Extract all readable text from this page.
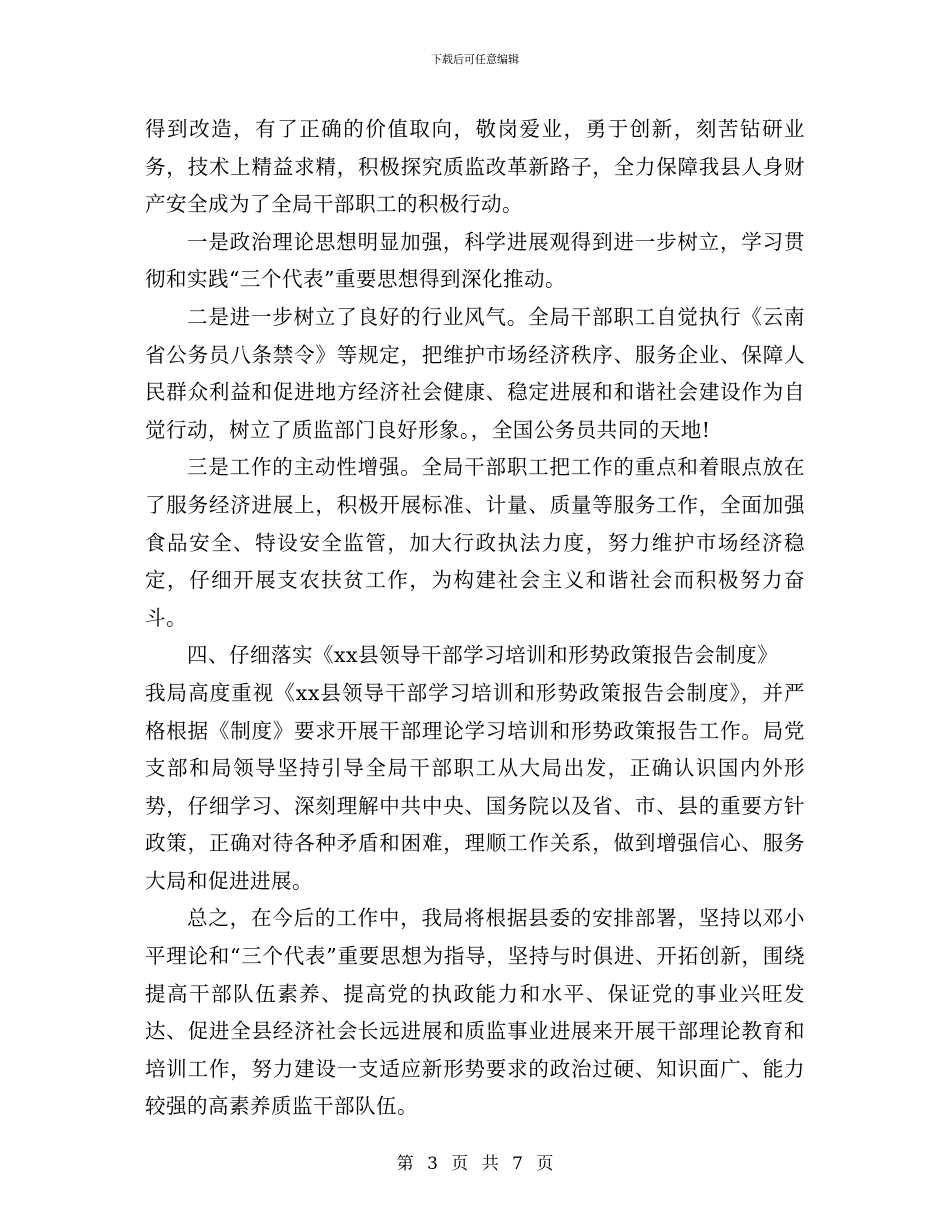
下载后可任意编辑

得到改造，有了正确的价值取向，敬岗爱业，勇于创新，刻苦钻研业务，技术上精益求精，积极探究质监改革新路子，全力保障我县人身财产安全成为了全局干部职工的积极行动。

一是政治理论思想明显加强，科学进展观得到进一步树立，学习贯彻和实践“三个代表”重要思想得到深化推动。

二是进一步树立了良好的行业风气。全局干部职工自觉执行《云南省公务员八条禁令》等规定，把维护市场经济秩序、服务企业、保障人民群众利益和促进地方经济社会健康、稳定进展和和谐社会建设作为自觉行动，树立了质监部门良好形象。，全国公务员共同的天地!

三是工作的主动性增强。全局干部职工把工作的重点和着眼点放在了服务经济进展上，积极开展标准、计量、质量等服务工作，全面加强食品安全、特设安全监管，加大行政执法力度，努力维护市场经济稳定，仔细开展支农扶贫工作，为构建社会主义和谐社会而积极努力奋斗。

四、仔细落实《xx县领导干部学习培训和形势政策报告会制度》

我局高度重视《xx县领导干部学习培训和形势政策报告会制度》，并严格根据《制度》要求开展干部理论学习培训和形势政策报告工作。局党支部和局领导坚持引导全局干部职工从大局出发，正确认识国内外形势，仔细学习、深刻理解中共中央、国务院以及省、市、县的重要方针政策，正确对待各种矛盾和困难，理顺工作关系，做到增强信心、服务大局和促进进展。

总之，在今后的工作中，我局将根据县委的安排部署，坚持以邓小平理论和“三个代表”重要思想为指导，坚持与时俱进、开拓创新，围绕提高干部队伍素养、提高党的执政能力和水平、保证党的事业兴旺发达、促进全县经济社会长远进展和质监事业进展来开展干部理论教育和培训工作，努力建设一支适应新形势要求的政治过硬、知识面广、能力较强的高素养质监干部队伍。

第 3 页 共 7 页
